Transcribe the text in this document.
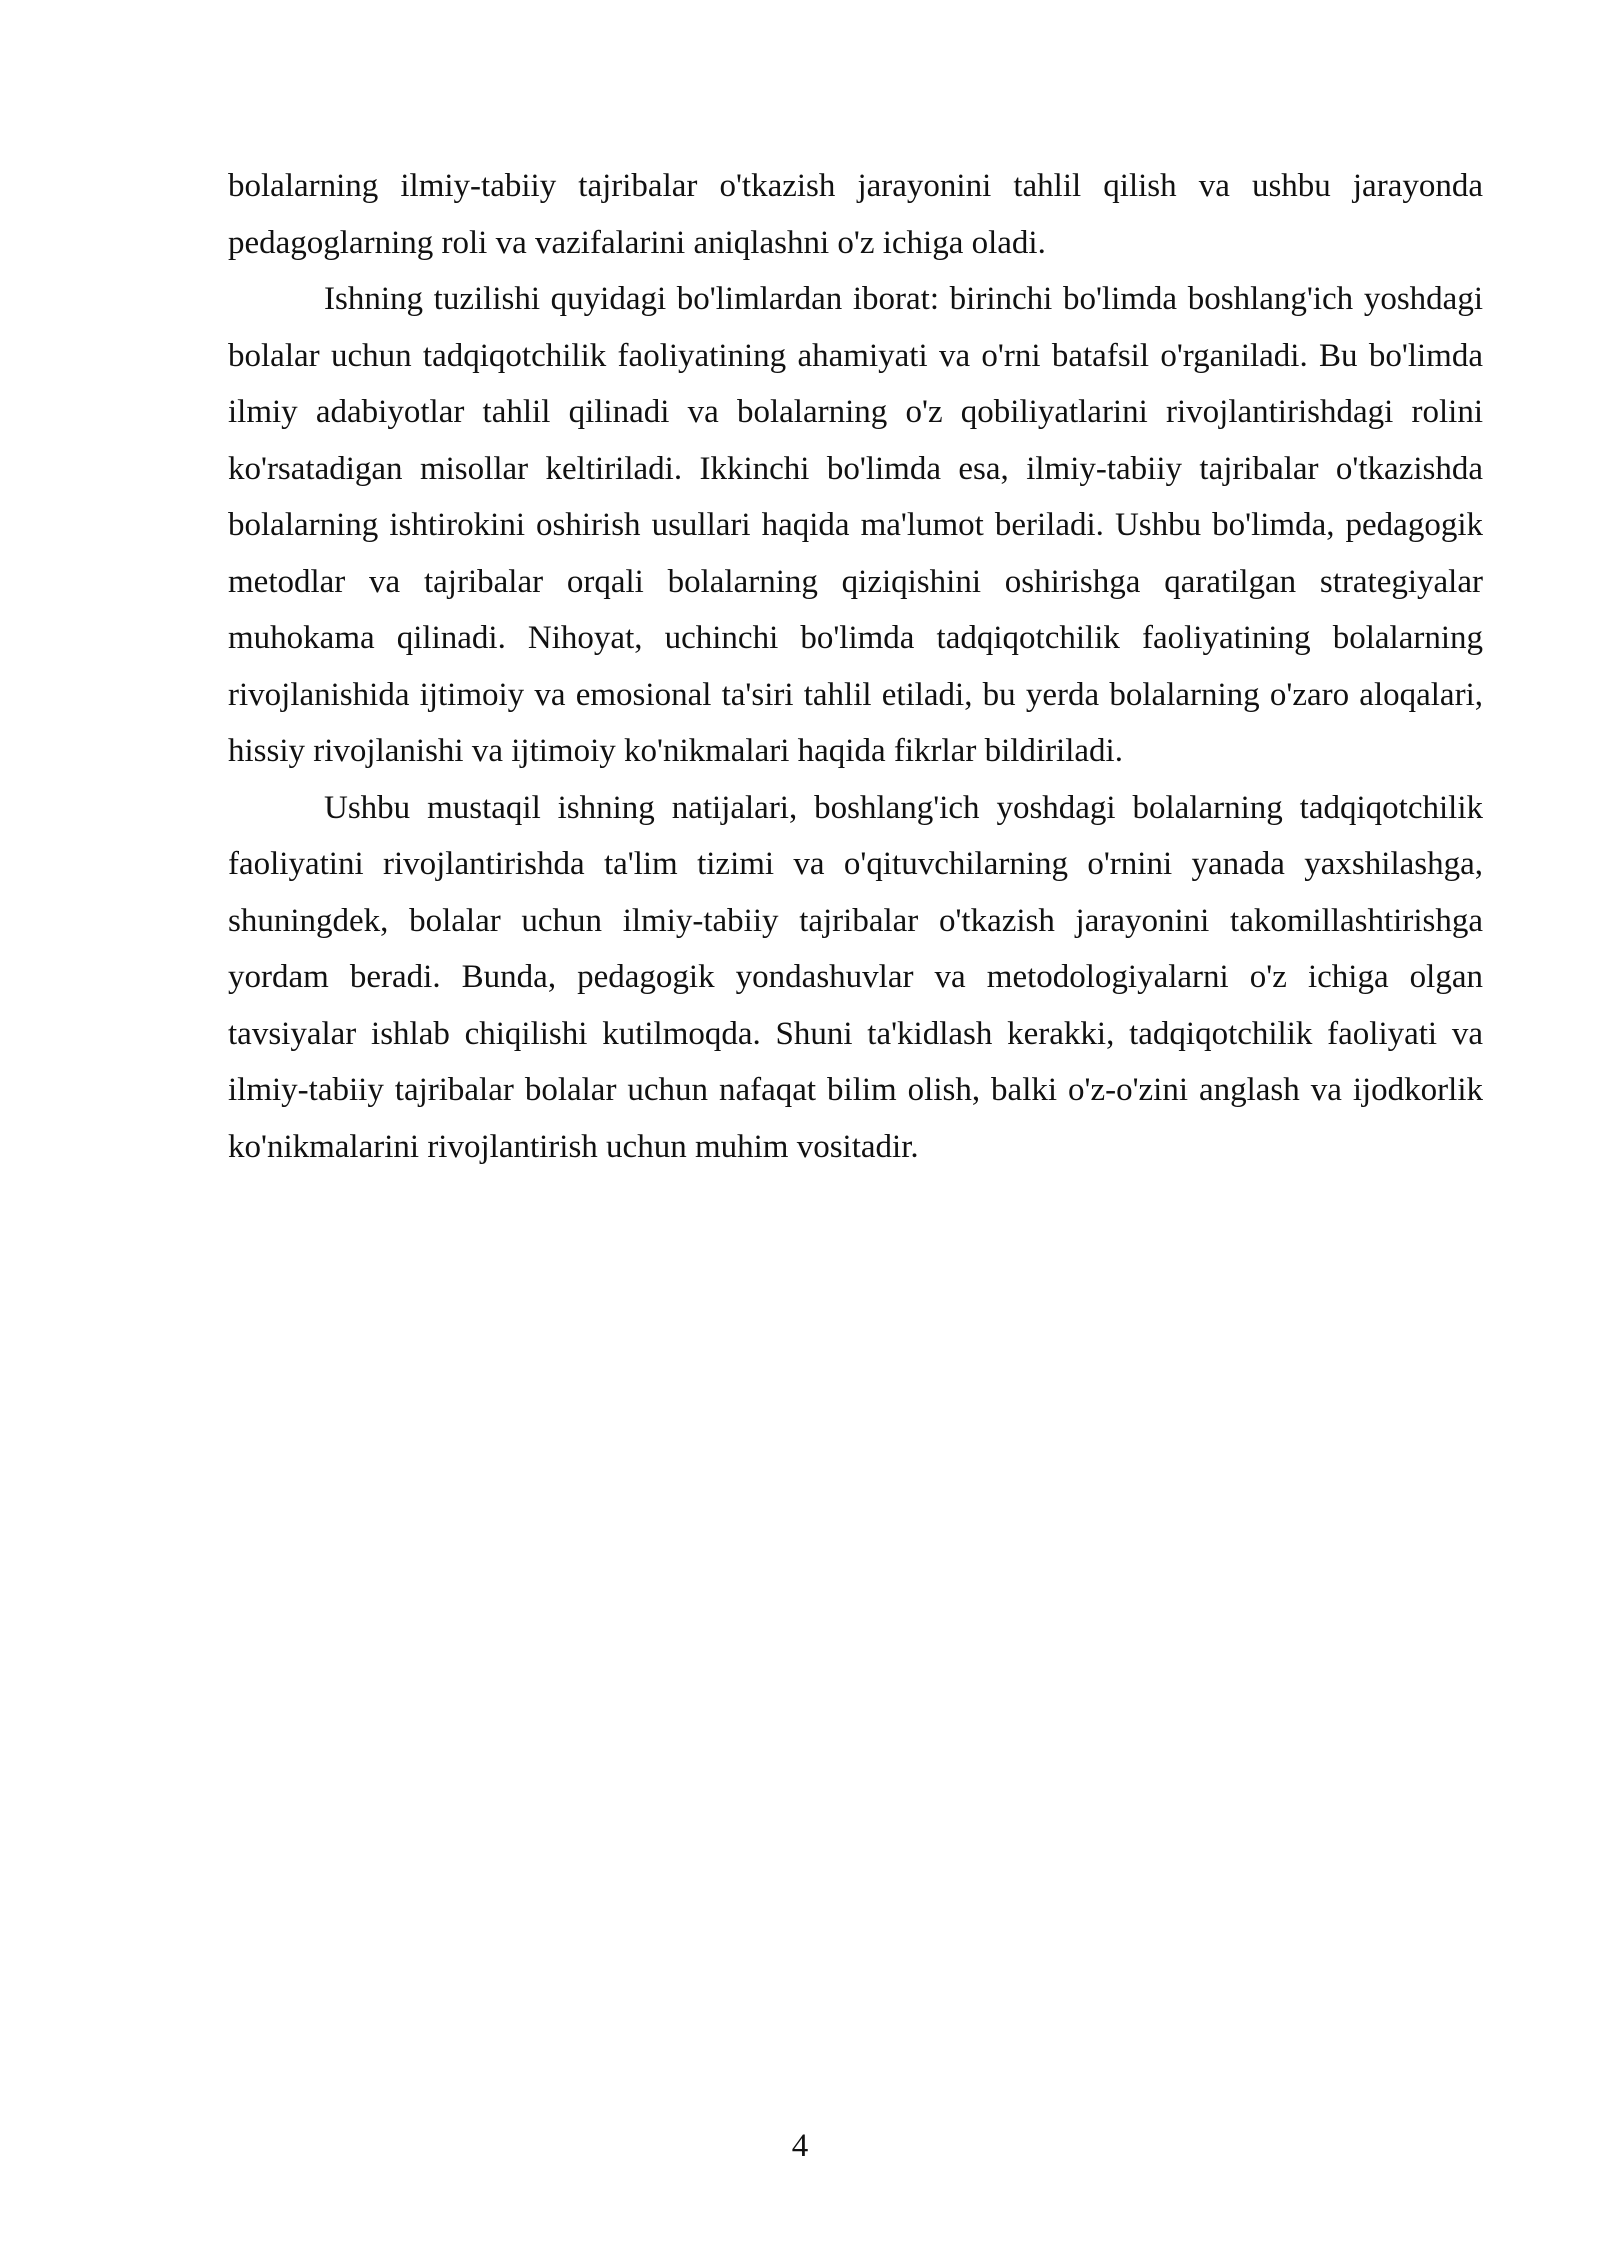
bolalarning ilmiy-tabiiy tajribalar o'tkazish jarayonini tahlil qilish va ushbu jarayonda pedagoglarning roli va vazifalarini aniqlashni o'z ichiga oladi.

Ishning tuzilishi quyidagi bo'limlardan iborat: birinchi bo'limda boshlang'ich yoshdagi bolalar uchun tadqiqotchilik faoliyatining ahamiyati va o'rni batafsil o'rganiladi. Bu bo'limda ilmiy adabiyotlar tahlil qilinadi va bolalarning o'z qobiliyatlarini rivojlantirishdagi rolini ko'rsatadigan misollar keltiriladi. Ikkinchi bo'limda esa, ilmiy-tabiiy tajribalar o'tkazishda bolalarning ishtirokini oshirish usullari haqida ma'lumot beriladi. Ushbu bo'limda, pedagogik metodlar va tajribalar orqali bolalarning qiziqishini oshirishga qaratilgan strategiyalar muhokama qilinadi. Nihoyat, uchinchi bo'limda tadqiqotchilik faoliyatining bolalarning rivojlanishida ijtimoiy va emosional ta'siri tahlil etiladi, bu yerda bolalarning o'zaro aloqalari, hissiy rivojlanishi va ijtimoiy ko'nikmalari haqida fikrlar bildiriladi.

Ushbu mustaqil ishning natijalari, boshlang'ich yoshdagi bolalarning tadqiqotchilik faoliyatini rivojlantirishda ta'lim tizimi va o'qituvchilarning o'rnini yanada yaxshilashga, shuningdek, bolalar uchun ilmiy-tabiiy tajribalar o'tkazish jarayonini takomillashtirishga yordam beradi. Bunda, pedagogik yondashuvlar va metodologiyalarni o'z ichiga olgan tavsiyalar ishlab chiqilishi kutilmoqda. Shuni ta'kidlash kerakki, tadqiqotchilik faoliyati va ilmiy-tabiiy tajribalar bolalar uchun nafaqat bilim olish, balki o'z-o'zini anglash va ijodkorlik ko'nikmalarini rivojlantirish uchun muhim vositadir.

4
